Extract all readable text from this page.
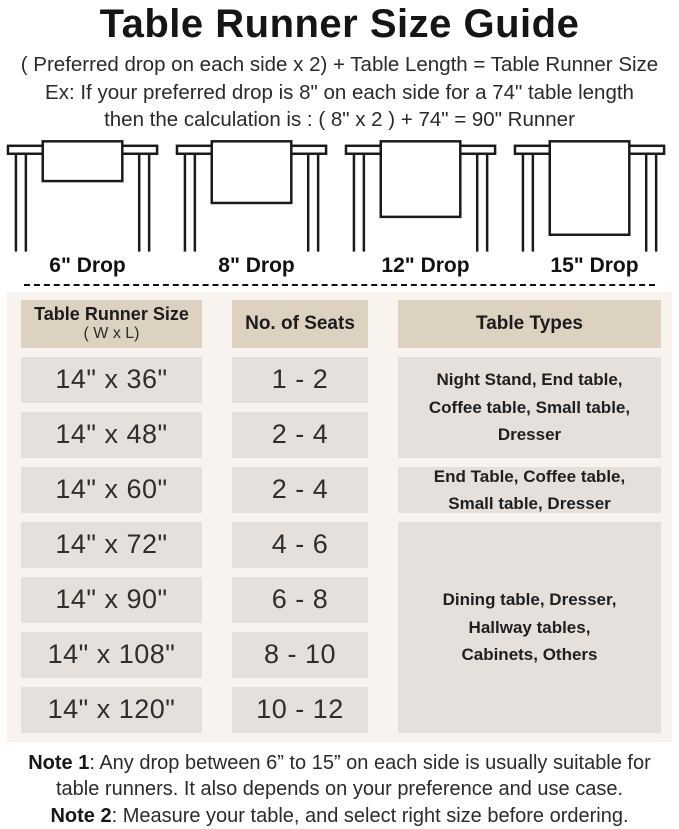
Table Runner Size Guide
( Preferred drop on each side x 2) + Table Length = Table Runner Size
Ex: If your preferred drop is 8" on each side for a 74" table length
then the calculation is : ( 8" x 2 ) + 74" = 90" Runner
6" Drop	8" Drop	12" Drop	15" Drop
Table Runner Size
( W x L)	No. of Seats	Table Types
14" x 36"	1 - 2	Night Stand, End table, Coffee table, Small table, Dresser
14" x 48"	2 - 4
14" x 60"	2 - 4	End Table, Coffee table, Small table, Dresser
14" x 72"	4 - 6
Dining table, Dresser, Hallway tables, Cabinets, Others
14" x 90"	6 - 8
14" x 108"	8 - 10
14" x 120"	10 - 12
Note 1: Any drop between 6” to 15” on each side is usually suitable for table runners. It also depends on your preference and use case.
Note 2: Measure your table, and select right size before ordering.
